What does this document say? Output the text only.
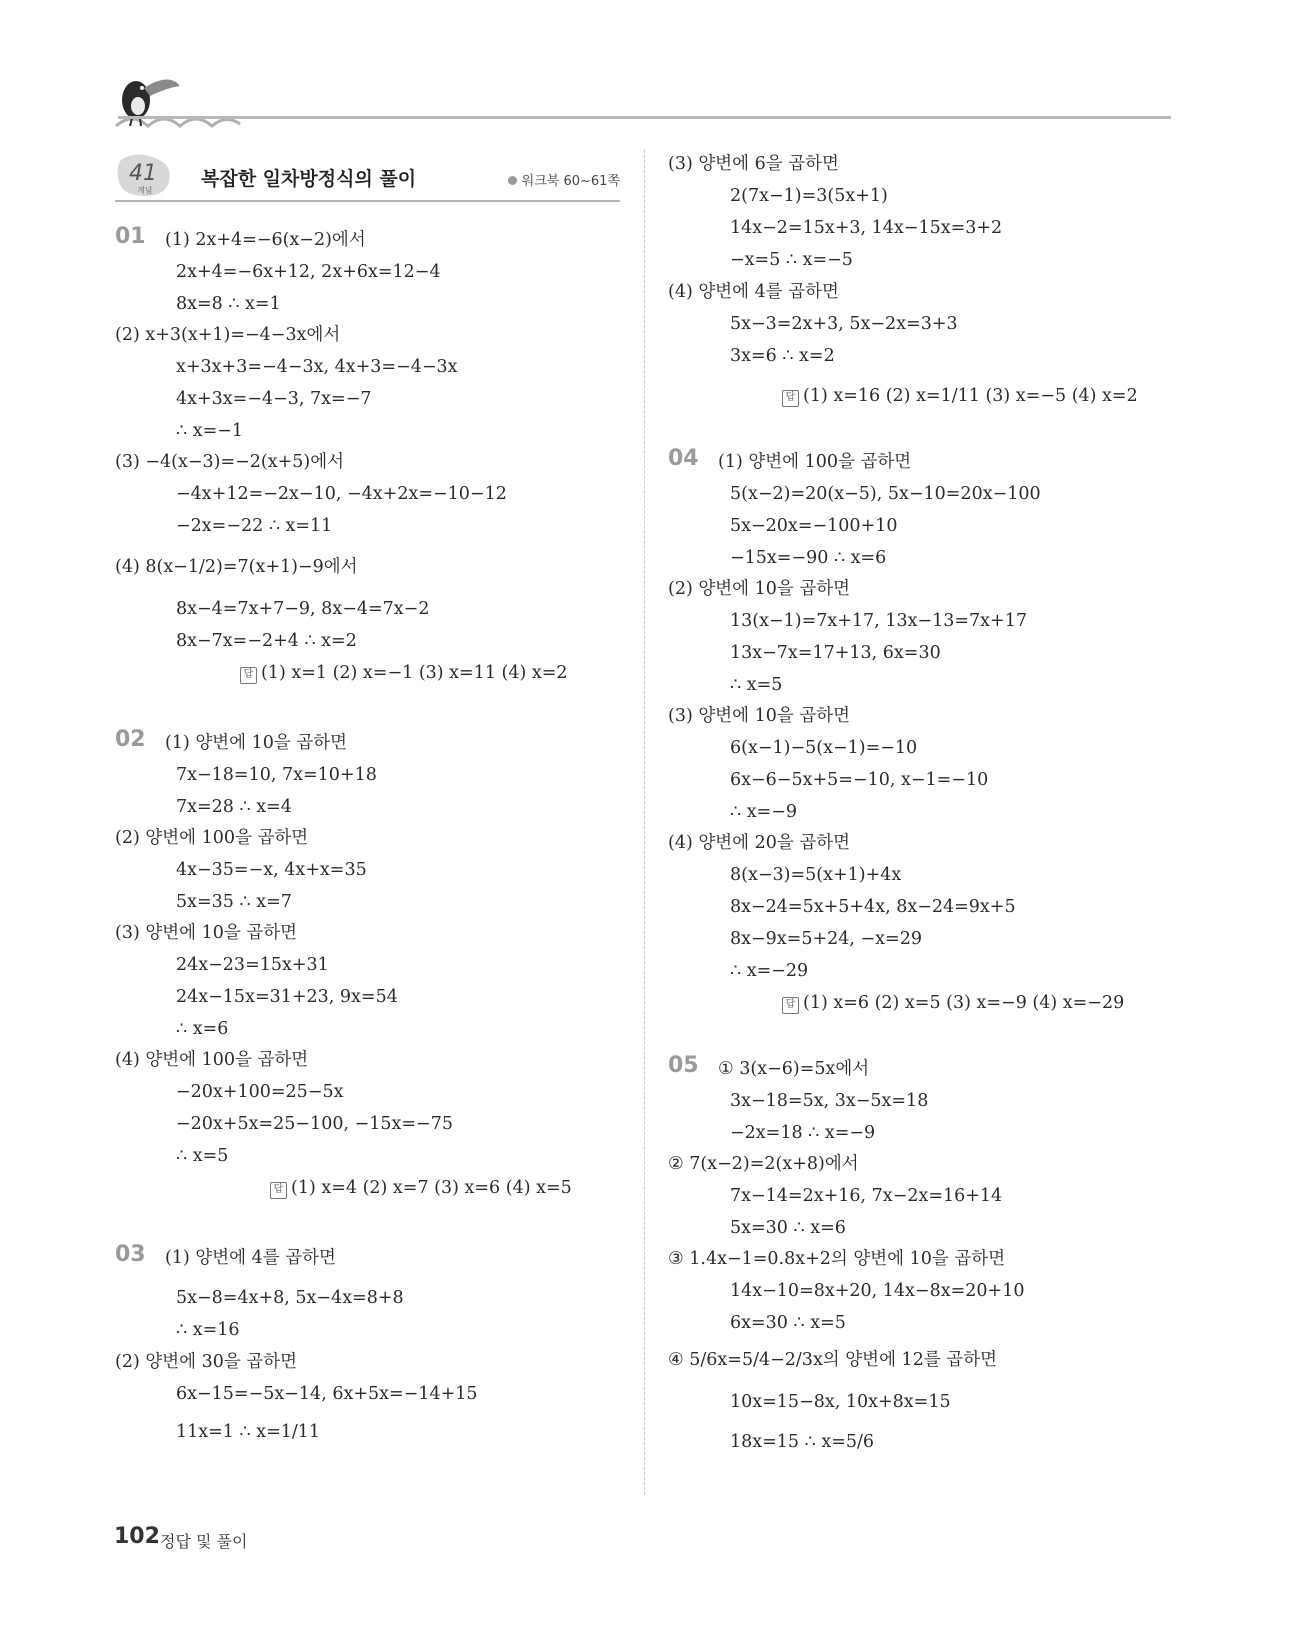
41
개념
복잡한 일차방정식의 풀이	워크북 60~61쪽
01 (1) 2x+4=−6(x−2)에서
2x+4=−6x+12, 2x+6x=12−4
8x=8 ∴ x=1
(2) x+3(x+1)=−4−3x에서
x+3x+3=−4−3x, 4x+3=−4−3x
4x+3x=−4−3, 7x=−7
∴ x=−1
(3) −4(x−3)=−2(x+5)에서
−4x+12=−2x−10, −4x+2x=−10−12
−2x=−22 ∴ x=11
(4) 8(x−1/2)=7(x+1)−9에서
8x−4=7x+7−9, 8x−4=7x−2
8x−7x=−2+4 ∴ x=2
답 (1) x=1 (2) x=−1 (3) x=11 (4) x=2
02 (1) 양변에 10을 곱하면
7x−18=10, 7x=10+18
7x=28 ∴ x=4
(2) 양변에 100을 곱하면
4x−35=−x, 4x+x=35
5x=35 ∴ x=7
(3) 양변에 10을 곱하면
24x−23=15x+31
24x−15x=31+23, 9x=54
∴ x=6
(4) 양변에 100을 곱하면
−20x+100=25−5x
−20x+5x=25−100, −15x=−75
∴ x=5
답 (1) x=4 (2) x=7 (3) x=6 (4) x=5
03 (1) 양변에 4를 곱하면
5x−8=4x+8, 5x−4x=8+8
∴ x=16
(2) 양변에 30을 곱하면
6x−15=−5x−14, 6x+5x=−14+15
11x=1 ∴ x=1/11
(3) 양변에 6을 곱하면
2(7x−1)=3(5x+1)
14x−2=15x+3, 14x−15x=3+2
−x=5 ∴ x=−5
(4) 양변에 4를 곱하면
5x−3=2x+3, 5x−2x=3+3
3x=6 ∴ x=2
답 (1) x=16 (2) x=1/11 (3) x=−5 (4) x=2
04 (1) 양변에 100을 곱하면
5(x−2)=20(x−5), 5x−10=20x−100
5x−20x=−100+10
−15x=−90 ∴ x=6
(2) 양변에 10을 곱하면
13(x−1)=7x+17, 13x−13=7x+17
13x−7x=17+13, 6x=30
∴ x=5
(3) 양변에 10을 곱하면
6(x−1)−5(x−1)=−10
6x−6−5x+5=−10, x−1=−10
∴ x=−9
(4) 양변에 20을 곱하면
8(x−3)=5(x+1)+4x
8x−24=5x+5+4x, 8x−24=9x+5
8x−9x=5+24, −x=29
∴ x=−29
답 (1) x=6 (2) x=5 (3) x=−9 (4) x=−29
05 ① 3(x−6)=5x에서
3x−18=5x, 3x−5x=18
−2x=18 ∴ x=−9
② 7(x−2)=2(x+8)에서
7x−14=2x+16, 7x−2x=16+14
5x=30 ∴ x=6
③ 1.4x−1=0.8x+2의 양변에 10을 곱하면
14x−10=8x+20, 14x−8x=20+10
6x=30 ∴ x=5
④ 5/6x=5/4−2/3x의 양변에 12를 곱하면
10x=15−8x, 10x+8x=15
18x=15 ∴ x=5/6
102 정답 및 풀이
